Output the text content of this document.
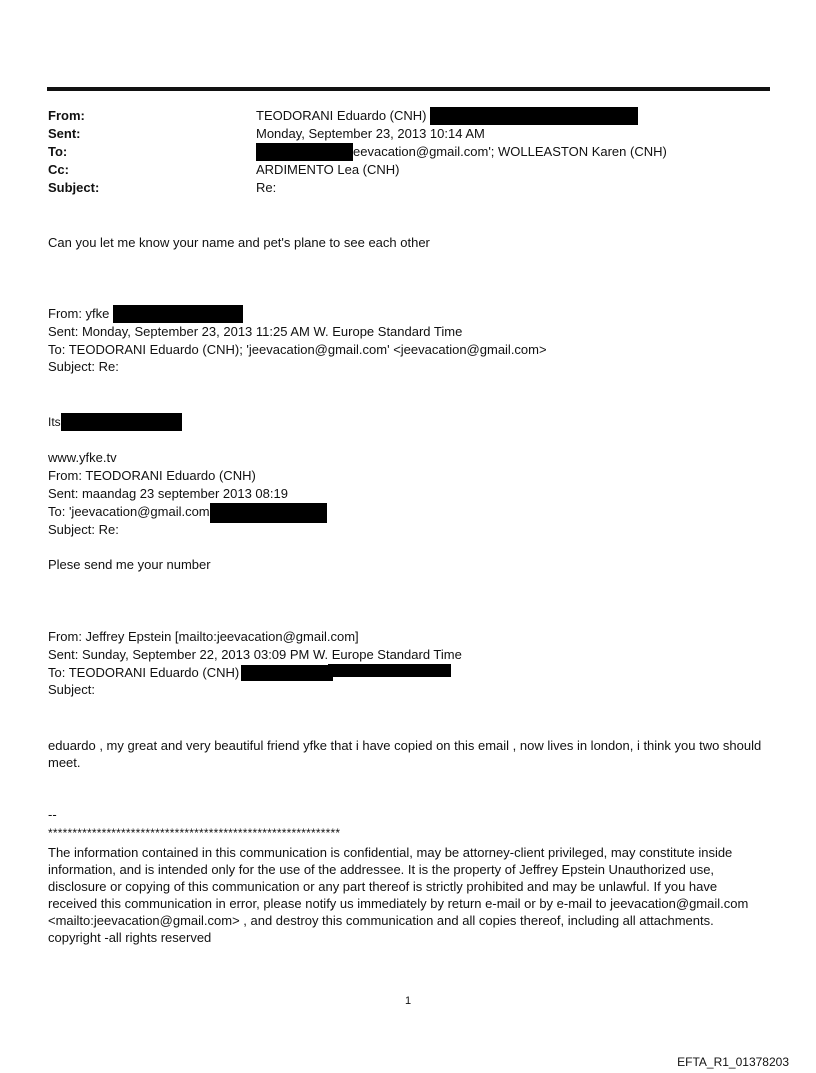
From:	TEODORANI Eduardo (CNH)
Sent:	Monday, September 23, 2013 10:14 AM
To:	eevacation@gmail.com'; WOLLEASTON Karen (CNH)
Cc:	ARDIMENTO Lea (CNH)
Subject:	Re:
Can you let me know your name and pet's plane to see each other
From: yfke
Sent: Monday, September 23, 2013 11:25 AM W. Europe Standard Time
To: TEODORANI Eduardo (CNH); 'jeevacation@gmail.com' <jeevacation@gmail.com>
Subject: Re:
Its
www.yfke.tv
From: TEODORANI Eduardo (CNH)
Sent: maandag 23 september 2013 08:19
To: 'jeevacation@gmail.com
Subject: Re:
Plese send me your number
From: Jeffrey Epstein [mailto:jeevacation@gmail.com]
Sent: Sunday, September 22, 2013 03:09 PM W. Europe Standard Time
To: TEODORANI Eduardo (CNH)
Subject:
eduardo , my great and very beautiful friend yfke that i have copied on this email , now lives in london, i think you two should meet.
--
************************************************************
The information contained in this communication is confidential, may be attorney-client privileged, may constitute inside information, and is intended only for the use of the addressee. It is the property of Jeffrey Epstein Unauthorized use, disclosure or copying of this communication or any part thereof is strictly prohibited and may be unlawful. If you have received this communication in error, please notify us immediately by return e-mail or by e-mail to jeevacation@gmail.com <mailto:jeevacation@gmail.com> , and destroy this communication and all copies thereof, including all attachments. copyright -all rights reserved
1
EFTA_R1_01378203
